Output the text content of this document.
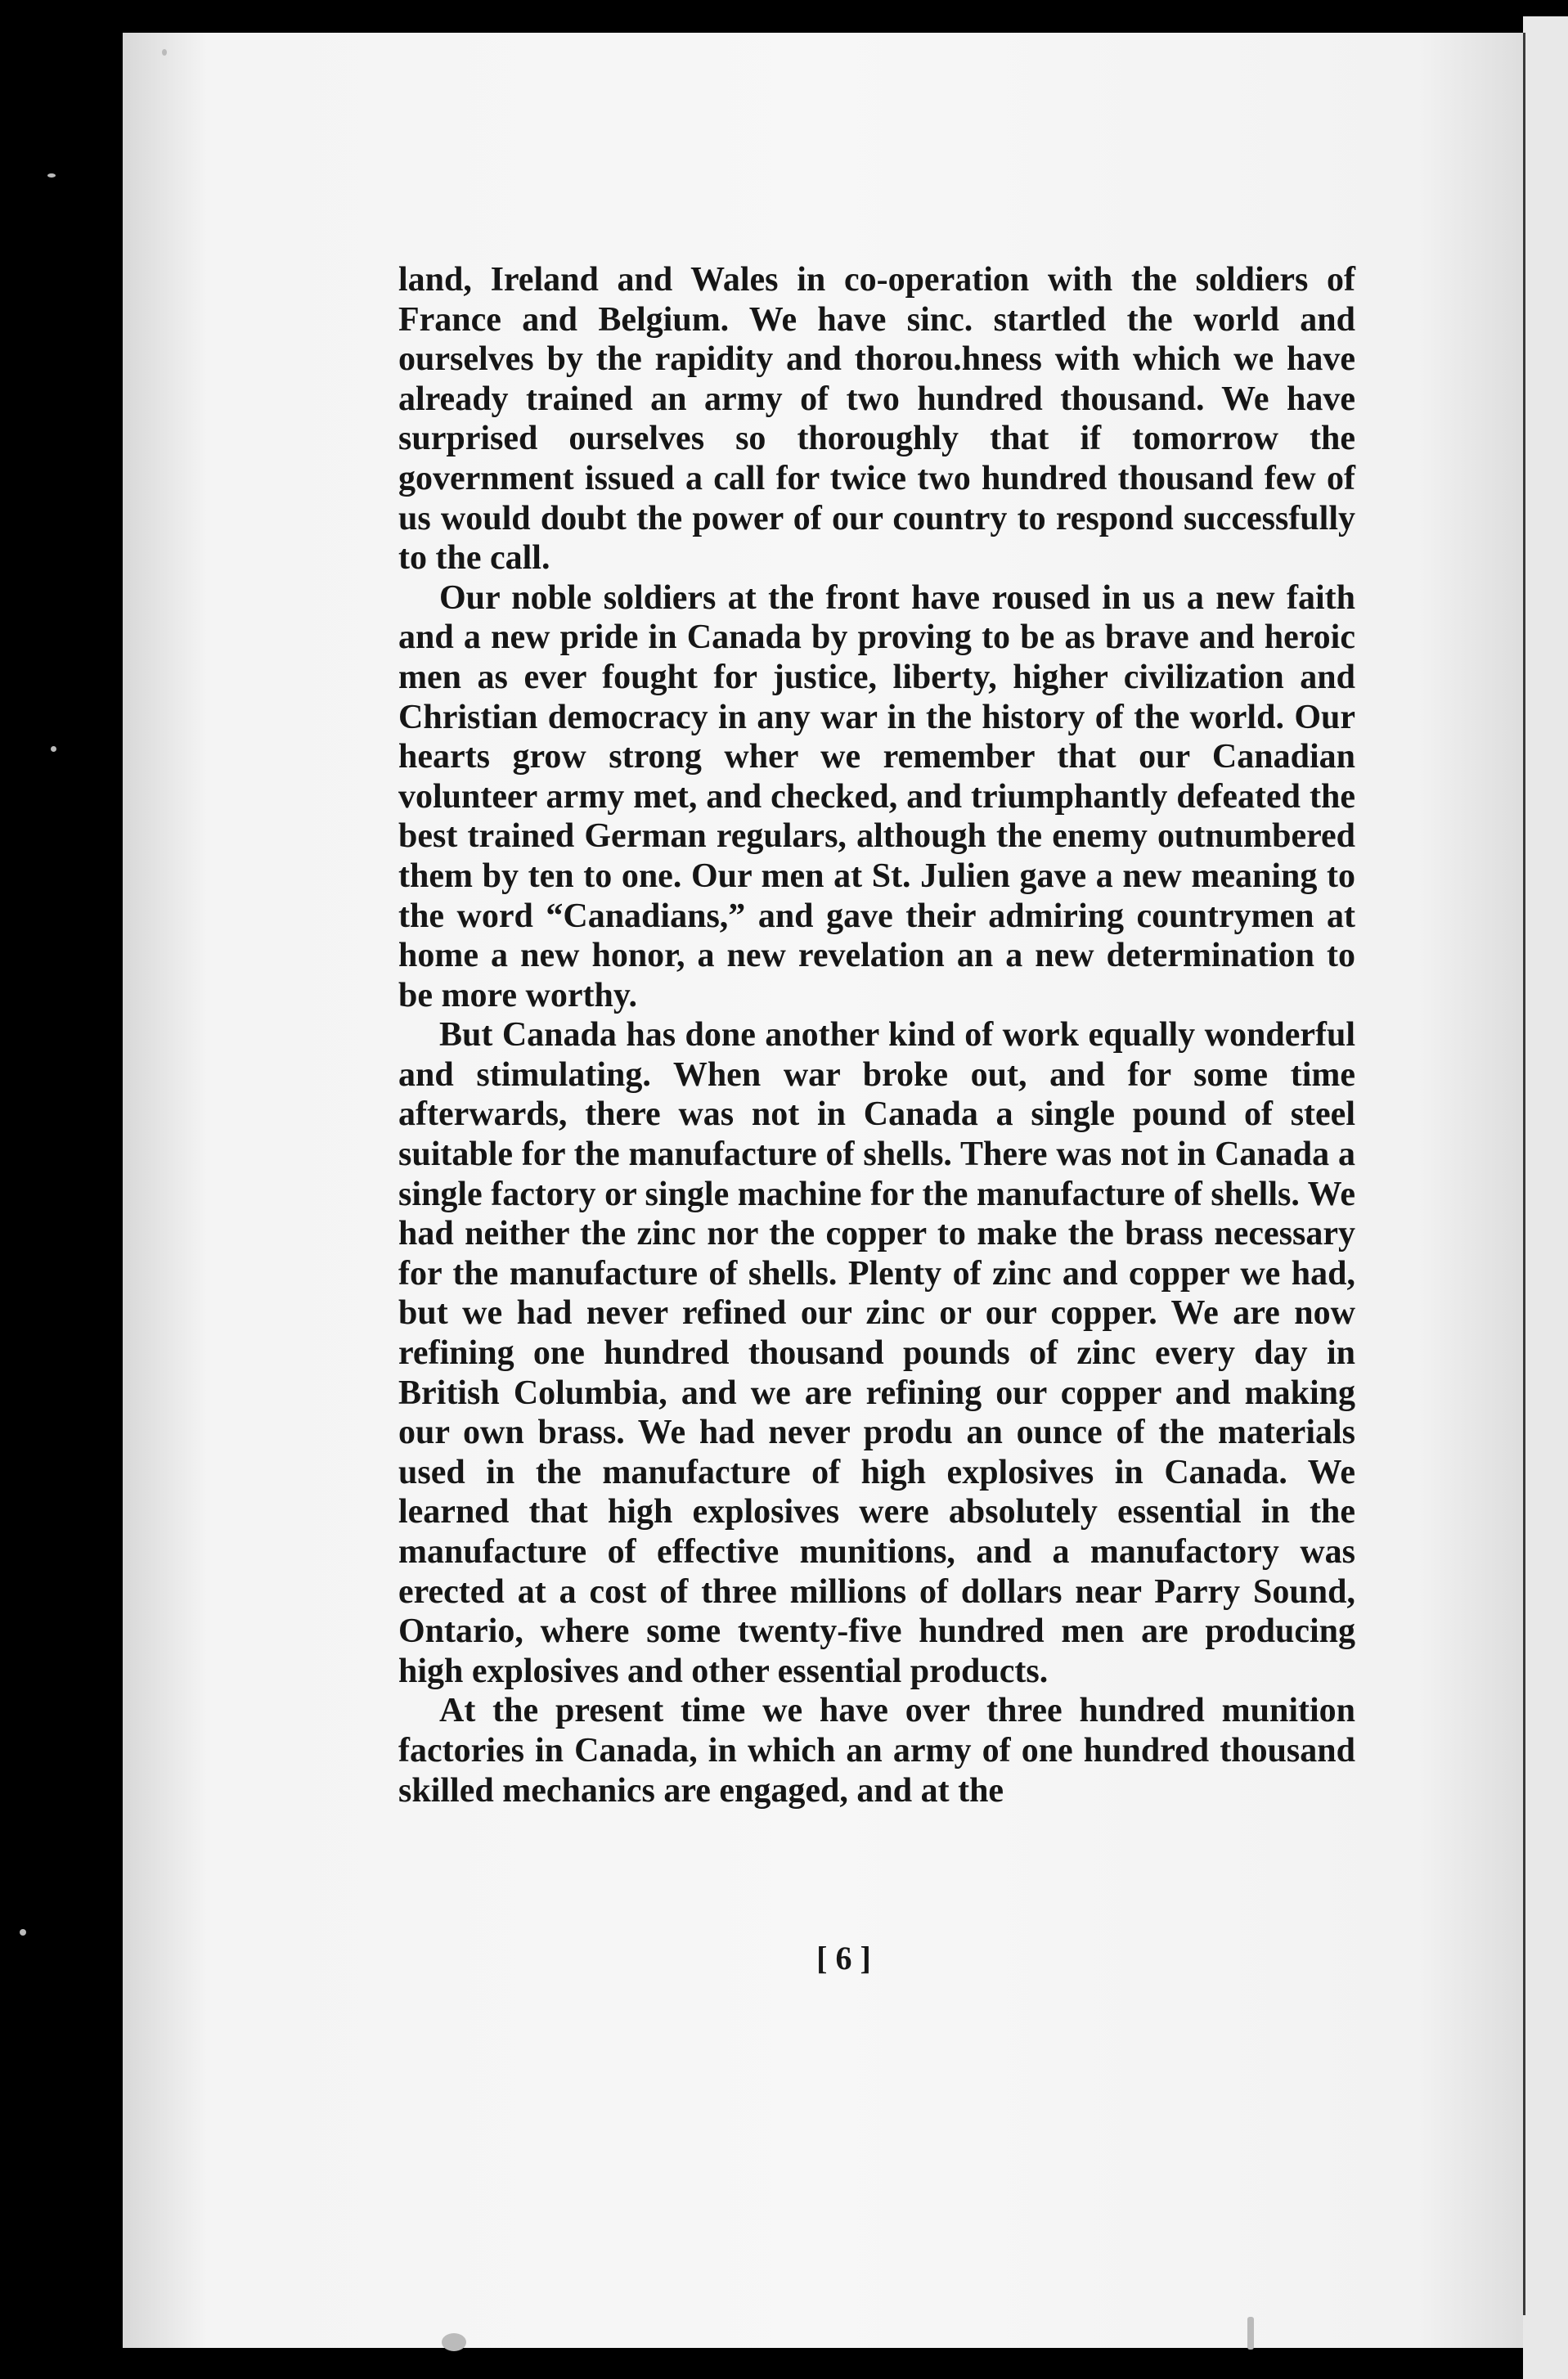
land, Ireland and Wales in co-operation with the soldiers of France and Belgium. We have sinc. startled the world and ourselves by the rapidity and thorou.hness with which we have already trained an army of two hundred thousand. We have surprised ourselves so thoroughly that if tomorrow the government issued a call for twice two hundred thousand few of us would doubt the power of our country to respond successfully to the call.

Our noble soldiers at the front have roused in us a new faith and a new pride in Canada by proving to be as brave and heroic men as ever fought for justice, liberty, higher civilization and Christian democracy in any war in the history of the world. Our hearts grow strong wher we remember that our Canadian volunteer army met, and checked, and triumphantly defeated the best trained German regulars, although the enemy outnumbered them by ten to one. Our men at St. Julien gave a new meaning to the word “Canadians,” and gave their admiring countrymen at home a new honor, a new revelation an a new determination to be more worthy.

But Canada has done another kind of work equally wonderful and stimulating. When war broke out, and for some time afterwards, there was not in Canada a single pound of steel suitable for the manufacture of shells. There was not in Canada a single factory or single machine for the manufacture of shells. We had neither the zinc nor the copper to make the brass necessary for the manufacture of shells. Plenty of zinc and copper we had, but we had never refined our zinc or our copper. We are now refining one hundred thousand pounds of zinc every day in British Columbia, and we are refining our copper and making our own brass. We had never produ an ounce of the materials used in the manufacture of high explosives in Canada. We learned that high explosives were absolutely essential in the manufacture of effective munitions, and a manufactory was erected at a cost of three millions of dollars near Parry Sound, Ontario, where some twenty-five hundred men are producing high explosives and other essential products.

At the present time we have over three hundred munition factories in Canada, in which an army of one hundred thousand skilled mechanics are engaged, and at the

[ 6 ]
